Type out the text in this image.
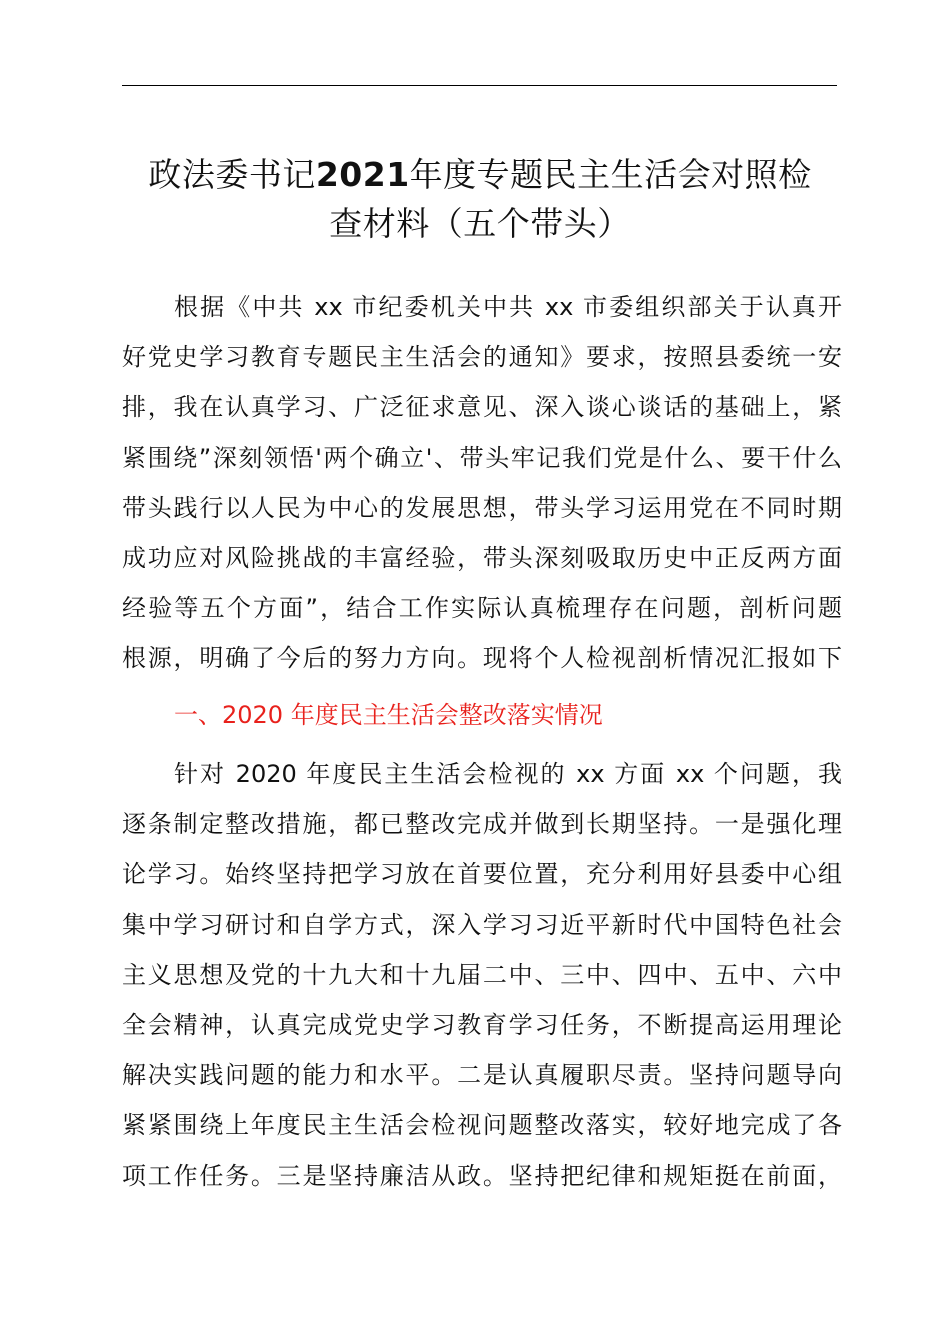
政法委书记2021年度专题民主生活会对照检
查材料（五个带头）
根据《中共 xx 市纪委机关中共 xx 市委组织部关于认真开
好党史学习教育专题民主生活会的通知》要求，按照县委统一安
排，我在认真学习、广泛征求意见、深入谈心谈话的基础上，紧
紧围绕”深刻领悟'两个确立'、带头牢记我们党是什么、要干什么
带头践行以人民为中心的发展思想，带头学习运用党在不同时期
成功应对风险挑战的丰富经验，带头深刻吸取历史中正反两方面
经验等五个方面”，结合工作实际认真梳理存在问题，剖析问题
根源，明确了今后的努力方向。现将个人检视剖析情况汇报如下
一、2020 年度民主生活会整改落实情况
针对 2020 年度民主生活会检视的 xx 方面 xx 个问题，我
逐条制定整改措施，都已整改完成并做到长期坚持。一是强化理
论学习。始终坚持把学习放在首要位置，充分利用好县委中心组
集中学习研讨和自学方式，深入学习习近平新时代中国特色社会
主义思想及党的十九大和十九届二中、三中、四中、五中、六中
全会精神，认真完成党史学习教育学习任务，不断提高运用理论
解决实践问题的能力和水平。二是认真履职尽责。坚持问题导向
紧紧围绕上年度民主生活会检视问题整改落实，较好地完成了各
项工作任务。三是坚持廉洁从政。坚持把纪律和规矩挺在前面，
